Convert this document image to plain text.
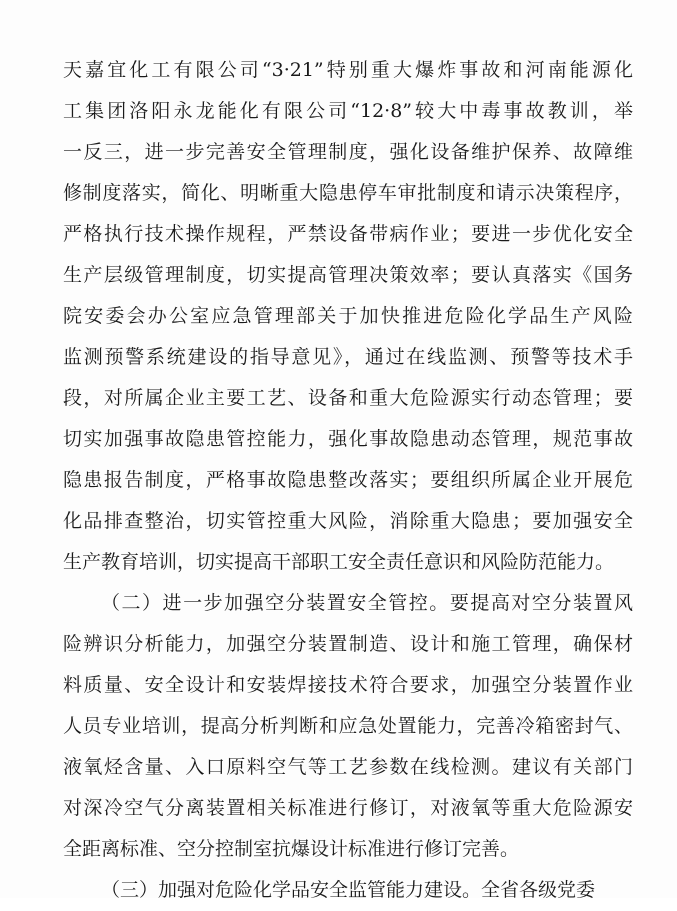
天嘉宜化工有限公司“3·21”特别重大爆炸事故和河南能源化
工集团洛阳永龙能化有限公司“12·8”较大中毒事故教训，举
一反三，进一步完善安全管理制度，强化设备维护保养、故障维
修制度落实，简化、明晰重大隐患停车审批制度和请示决策程序，
严格执行技术操作规程，严禁设备带病作业；要进一步优化安全
生产层级管理制度，切实提高管理决策效率；要认真落实《国务
院安委会办公室应急管理部关于加快推进危险化学品生产风险
监测预警系统建设的指导意见》，通过在线监测、预警等技术手
段，对所属企业主要工艺、设备和重大危险源实行动态管理；要
切实加强事故隐患管控能力，强化事故隐患动态管理，规范事故
隐患报告制度，严格事故隐患整改落实；要组织所属企业开展危
化品排查整治，切实管控重大风险，消除重大隐患；要加强安全
生产教育培训，切实提高干部职工安全责任意识和风险防范能力。
（二）进一步加强空分装置安全管控。要提高对空分装置风
险辨识分析能力，加强空分装置制造、设计和施工管理，确保材
料质量、安全设计和安装焊接技术符合要求，加强空分装置作业
人员专业培训，提高分析判断和应急处置能力，完善冷箱密封气、
液氧烃含量、入口原料空气等工艺参数在线检测。建议有关部门
对深冷空气分离装置相关标准进行修订，对液氧等重大危险源安
全距离标准、空分控制室抗爆设计标准进行修订完善。
（三）加强对危险化学品安全监管能力建设。全省各级党委
